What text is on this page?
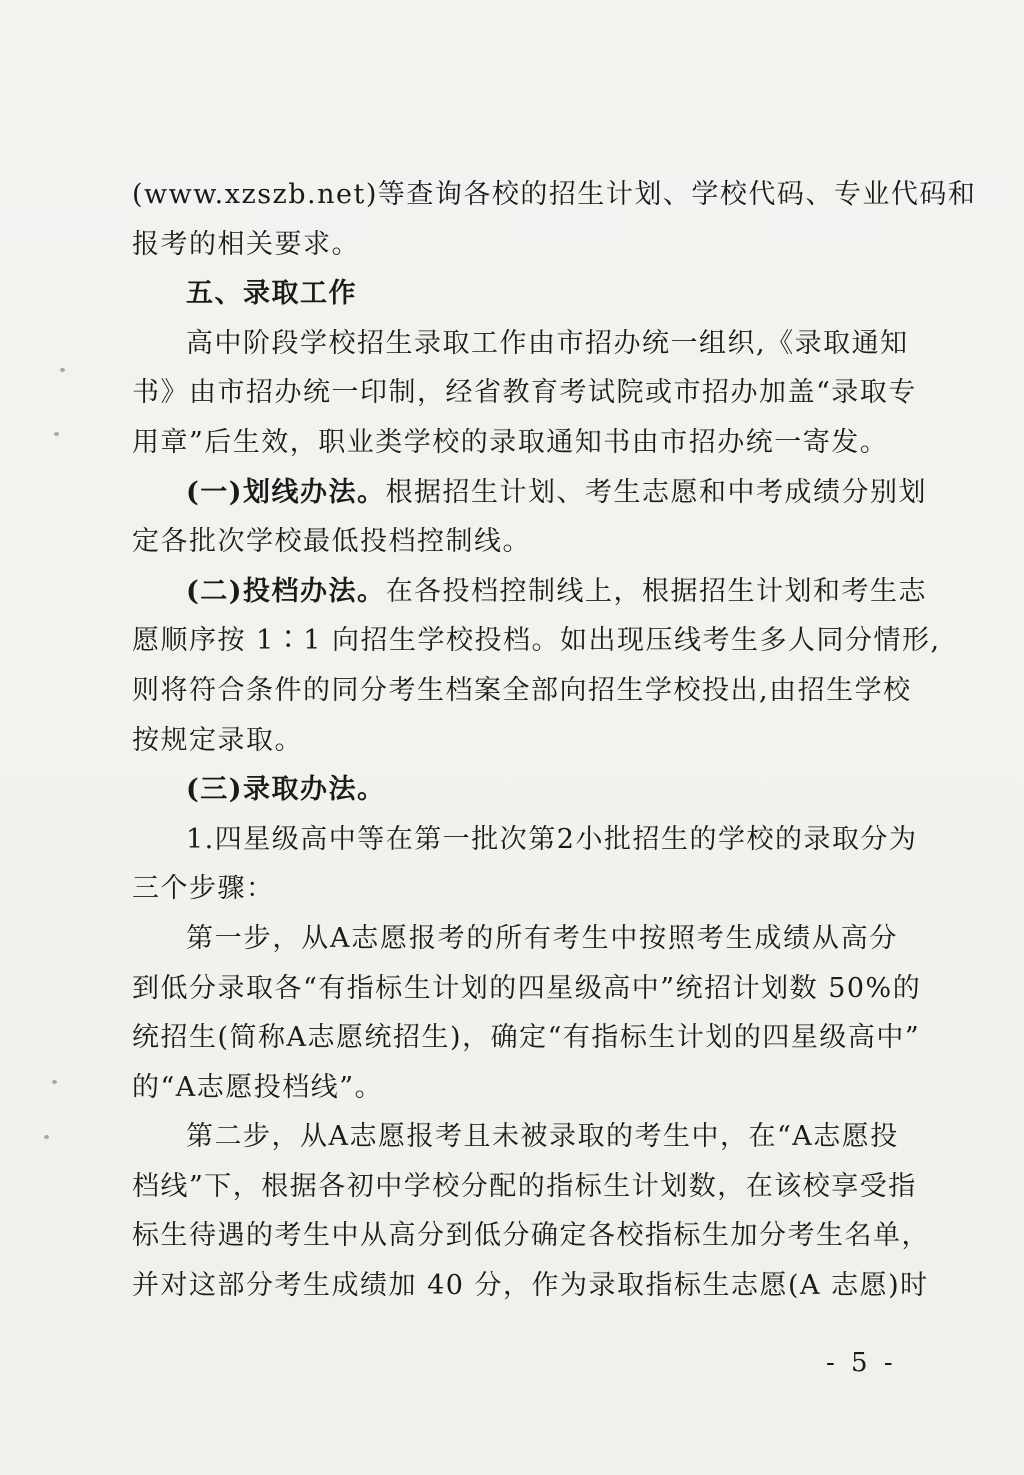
(www.xzszb.net)等查询各校的招生计划、学校代码、专业代码和
报考的相关要求。
五、录取工作
高中阶段学校招生录取工作由市招办统一组织,《录取通知
书》由市招办统一印制，经省教育考试院或市招办加盖“录取专
用章”后生效，职业类学校的录取通知书由市招办统一寄发。
(一)划线办法。根据招生计划、考生志愿和中考成绩分别划
定各批次学校最低投档控制线。
(二)投档办法。在各投档控制线上，根据招生计划和考生志
愿顺序按 1∶1 向招生学校投档。如出现压线考生多人同分情形,
则将符合条件的同分考生档案全部向招生学校投出,由招生学校
按规定录取。
(三)录取办法。
1.四星级高中等在第一批次第2小批招生的学校的录取分为
三个步骤：
第一步，从A志愿报考的所有考生中按照考生成绩从高分
到低分录取各“有指标生计划的四星级高中”统招计划数 50%的
统招生(简称A志愿统招生)，确定“有指标生计划的四星级高中”
的“A志愿投档线”。
第二步，从A志愿报考且未被录取的考生中，在“A志愿投
档线”下，根据各初中学校分配的指标生计划数，在该校享受指
标生待遇的考生中从高分到低分确定各校指标生加分考生名单，
并对这部分考生成绩加 40 分，作为录取指标生志愿(A 志愿)时
- 5 -
